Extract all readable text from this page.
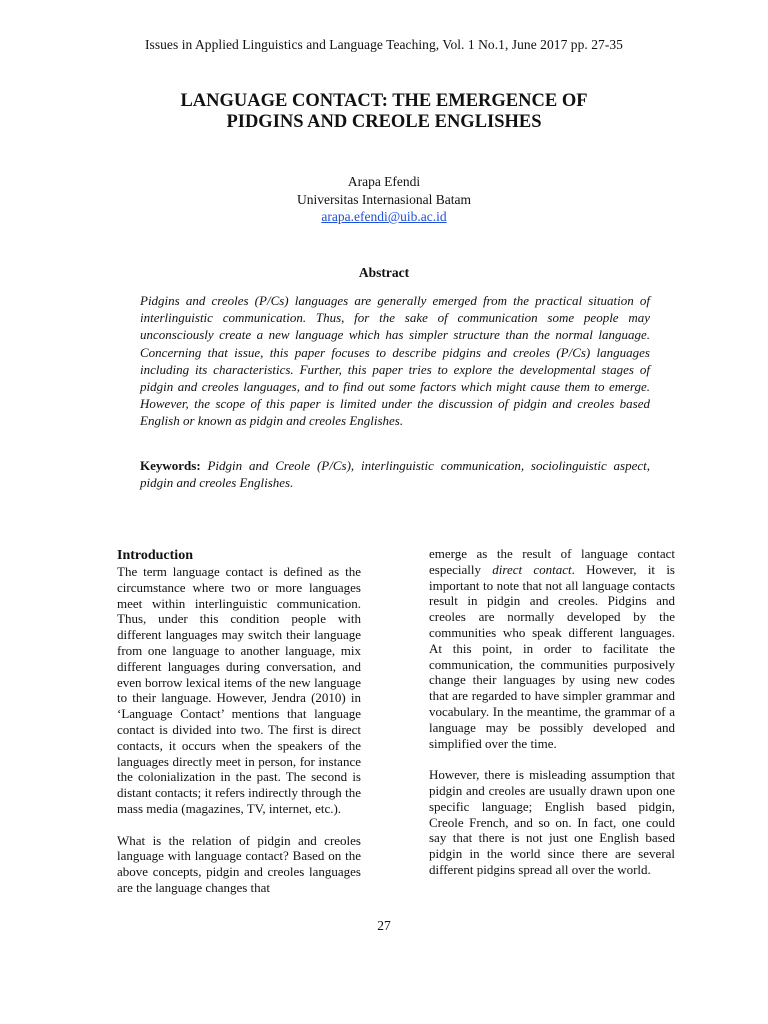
Issues in Applied Linguistics and Language Teaching, Vol. 1 No.1, June 2017 pp. 27-35
LANGUAGE CONTACT: THE EMERGENCE OF
PIDGINS AND CREOLE ENGLISHES
Arapa Efendi
Universitas Internasional Batam
arapa.efendi@uib.ac.id
Abstract
Pidgins and creoles (P/Cs) languages are generally emerged from the practical situation of interlinguistic communication. Thus, for the sake of communication some people may unconsciously create a new language which has simpler structure than the normal language. Concerning that issue, this paper focuses to describe pidgins and creoles (P/Cs) languages including its characteristics. Further, this paper tries to explore the developmental stages of pidgin and creoles languages, and to find out some factors which might cause them to emerge. However, the scope of this paper is limited under the discussion of pidgin and creoles based English or known as pidgin and creoles Englishes.
Keywords: Pidgin and Creole (P/Cs), interlinguistic communication, sociolinguistic aspect, pidgin and creoles Englishes.

Introduction

The term language contact is defined as the circumstance where two or more languages meet within interlinguistic communication. Thus, under this condition people with different languages may switch their language from one language to another language, mix different languages during conversation, and even borrow lexical items of the new language to their language. However, Jendra (2010) in ‘Language Contact’ mentions that language contact is divided into two. The first is direct contacts, it occurs when the speakers of the languages directly meet in person, for instance the colonialization in the past. The second is distant contacts; it refers indirectly through the mass media (magazines, TV, internet, etc.).

What is the relation of pidgin and creoles language with language contact? Based on the above concepts, pidgin and creoles languages are the language changes that

emerge as the result of language contact especially direct contact. However, it is important to note that not all language contacts result in pidgin and creoles. Pidgins and creoles are normally developed by the communities who speak different languages. At this point, in order to facilitate the communication, the communities purposively change their languages by using new codes that are regarded to have simpler grammar and vocabulary. In the meantime, the grammar of a language may be possibly developed and simplified over the time.

However, there is misleading assumption that pidgin and creoles are usually drawn upon one specific language; English based pidgin, Creole French, and so on. In fact, one could say that there is not just one English based pidgin in the world since there are several different pidgins spread all over the world.

27
